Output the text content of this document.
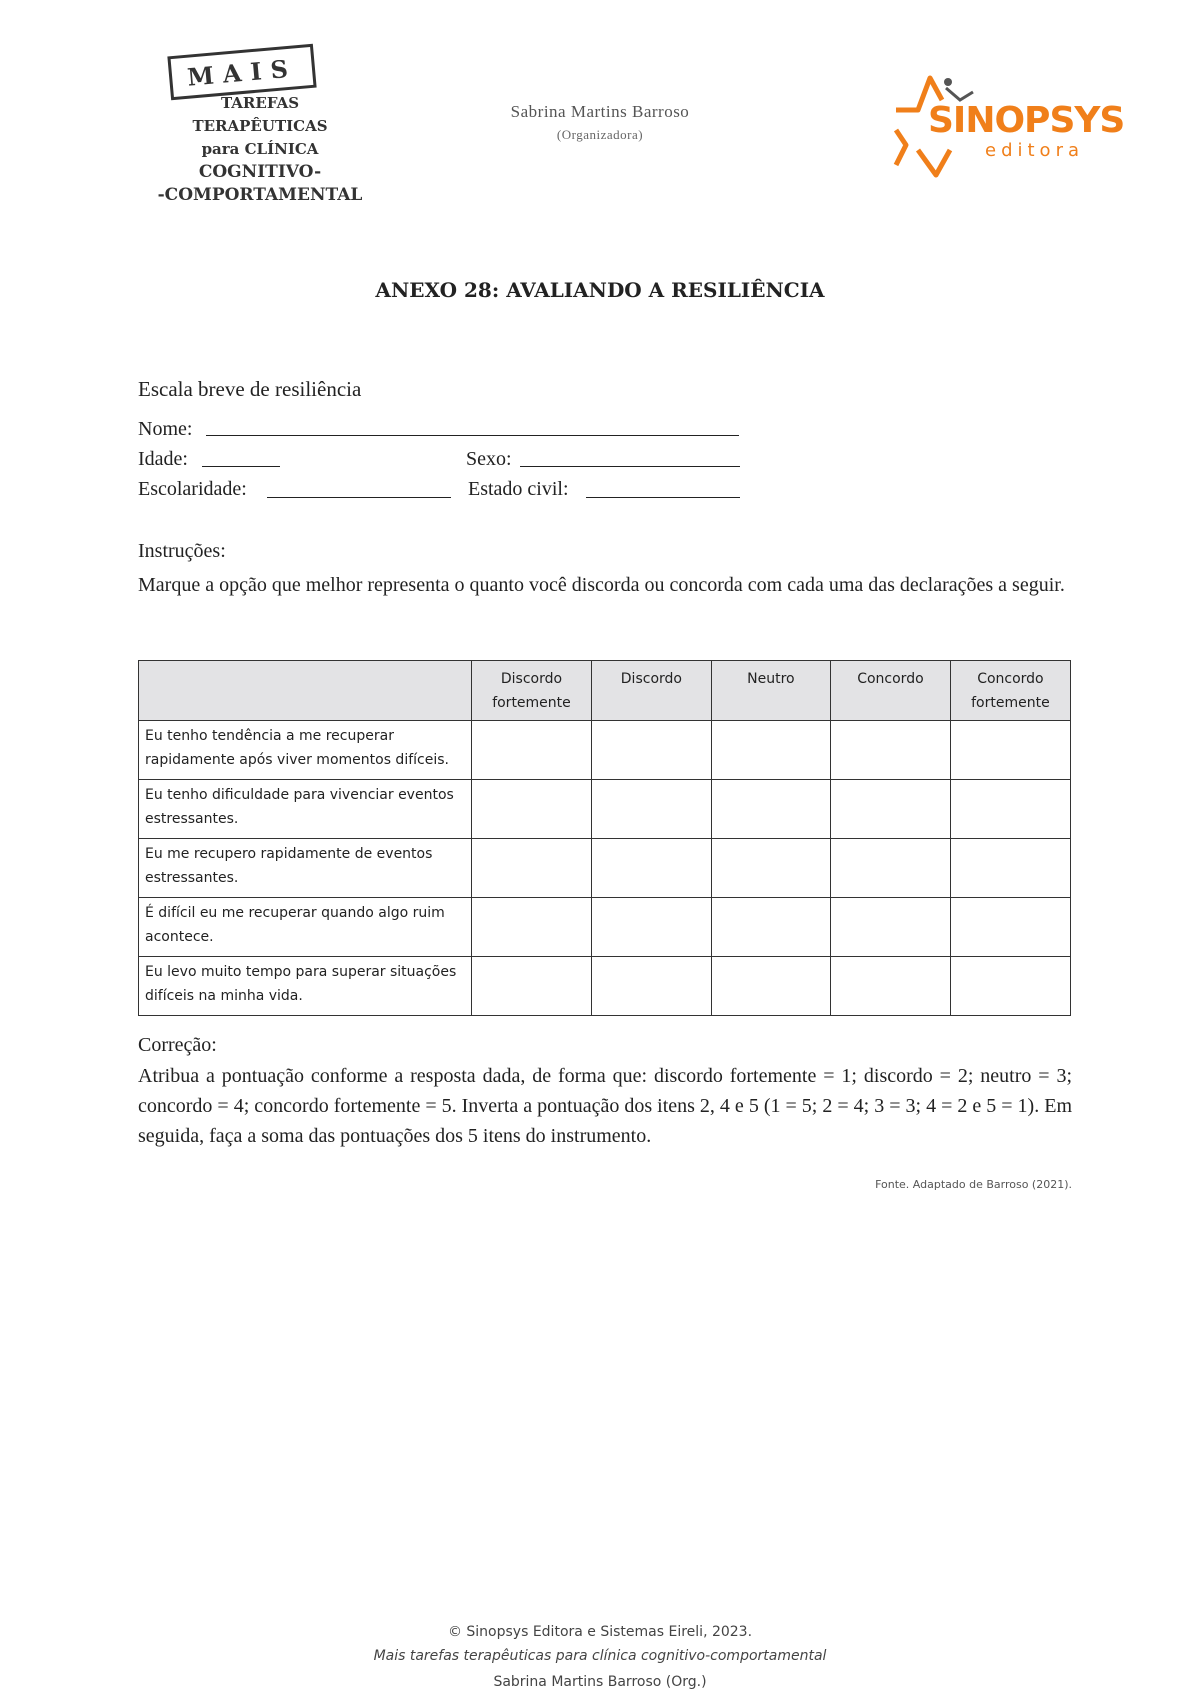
MAIS
TAREFAS
TERAPÊUTICAS
para CLÍNICA
COGNITIVO-
-COMPORTAMENTAL
Sabrina Martins Barroso
(Organizadora)	SINOPSYS
editora
ANEXO 28: AVALIANDO A RESILIÊNCIA
Escala breve de resiliência
Nome:
Idade:	Sexo:
Escolaridade:	Estado civil:
Instruções:
Marque a opção que melhor representa o quanto você discorda ou concorda com cada uma das declarações a seguir.
	Discordo fortemente	Discordo	Neutro	Concordo	Concordo fortemente
Eu tenho tendência a me recuperar rapidamente após viver momentos difíceis.					
Eu tenho dificuldade para vivenciar eventos estressantes.					
Eu me recupero rapidamente de eventos estressantes.					
É difícil eu me recuperar quando algo ruim acontece.					
Eu levo muito tempo para superar situações difíceis na minha vida.					
Correção:
Atribua a pontuação conforme a resposta dada, de forma que: discordo fortemente = 1; discordo = 2; neutro = 3; concordo = 4; concordo fortemente = 5. Inverta a pontuação dos itens 2, 4 e 5 (1 = 5; 2 = 4; 3 = 3; 4 = 2 e 5 = 1). Em seguida, faça a soma das pontuações dos 5 itens do instrumento.
Fonte. Adaptado de Barroso (2021).
© Sinopsys Editora e Sistemas Eireli, 2023.
Mais tarefas terapêuticas para clínica cognitivo-comportamental
Sabrina Martins Barroso (Org.)
